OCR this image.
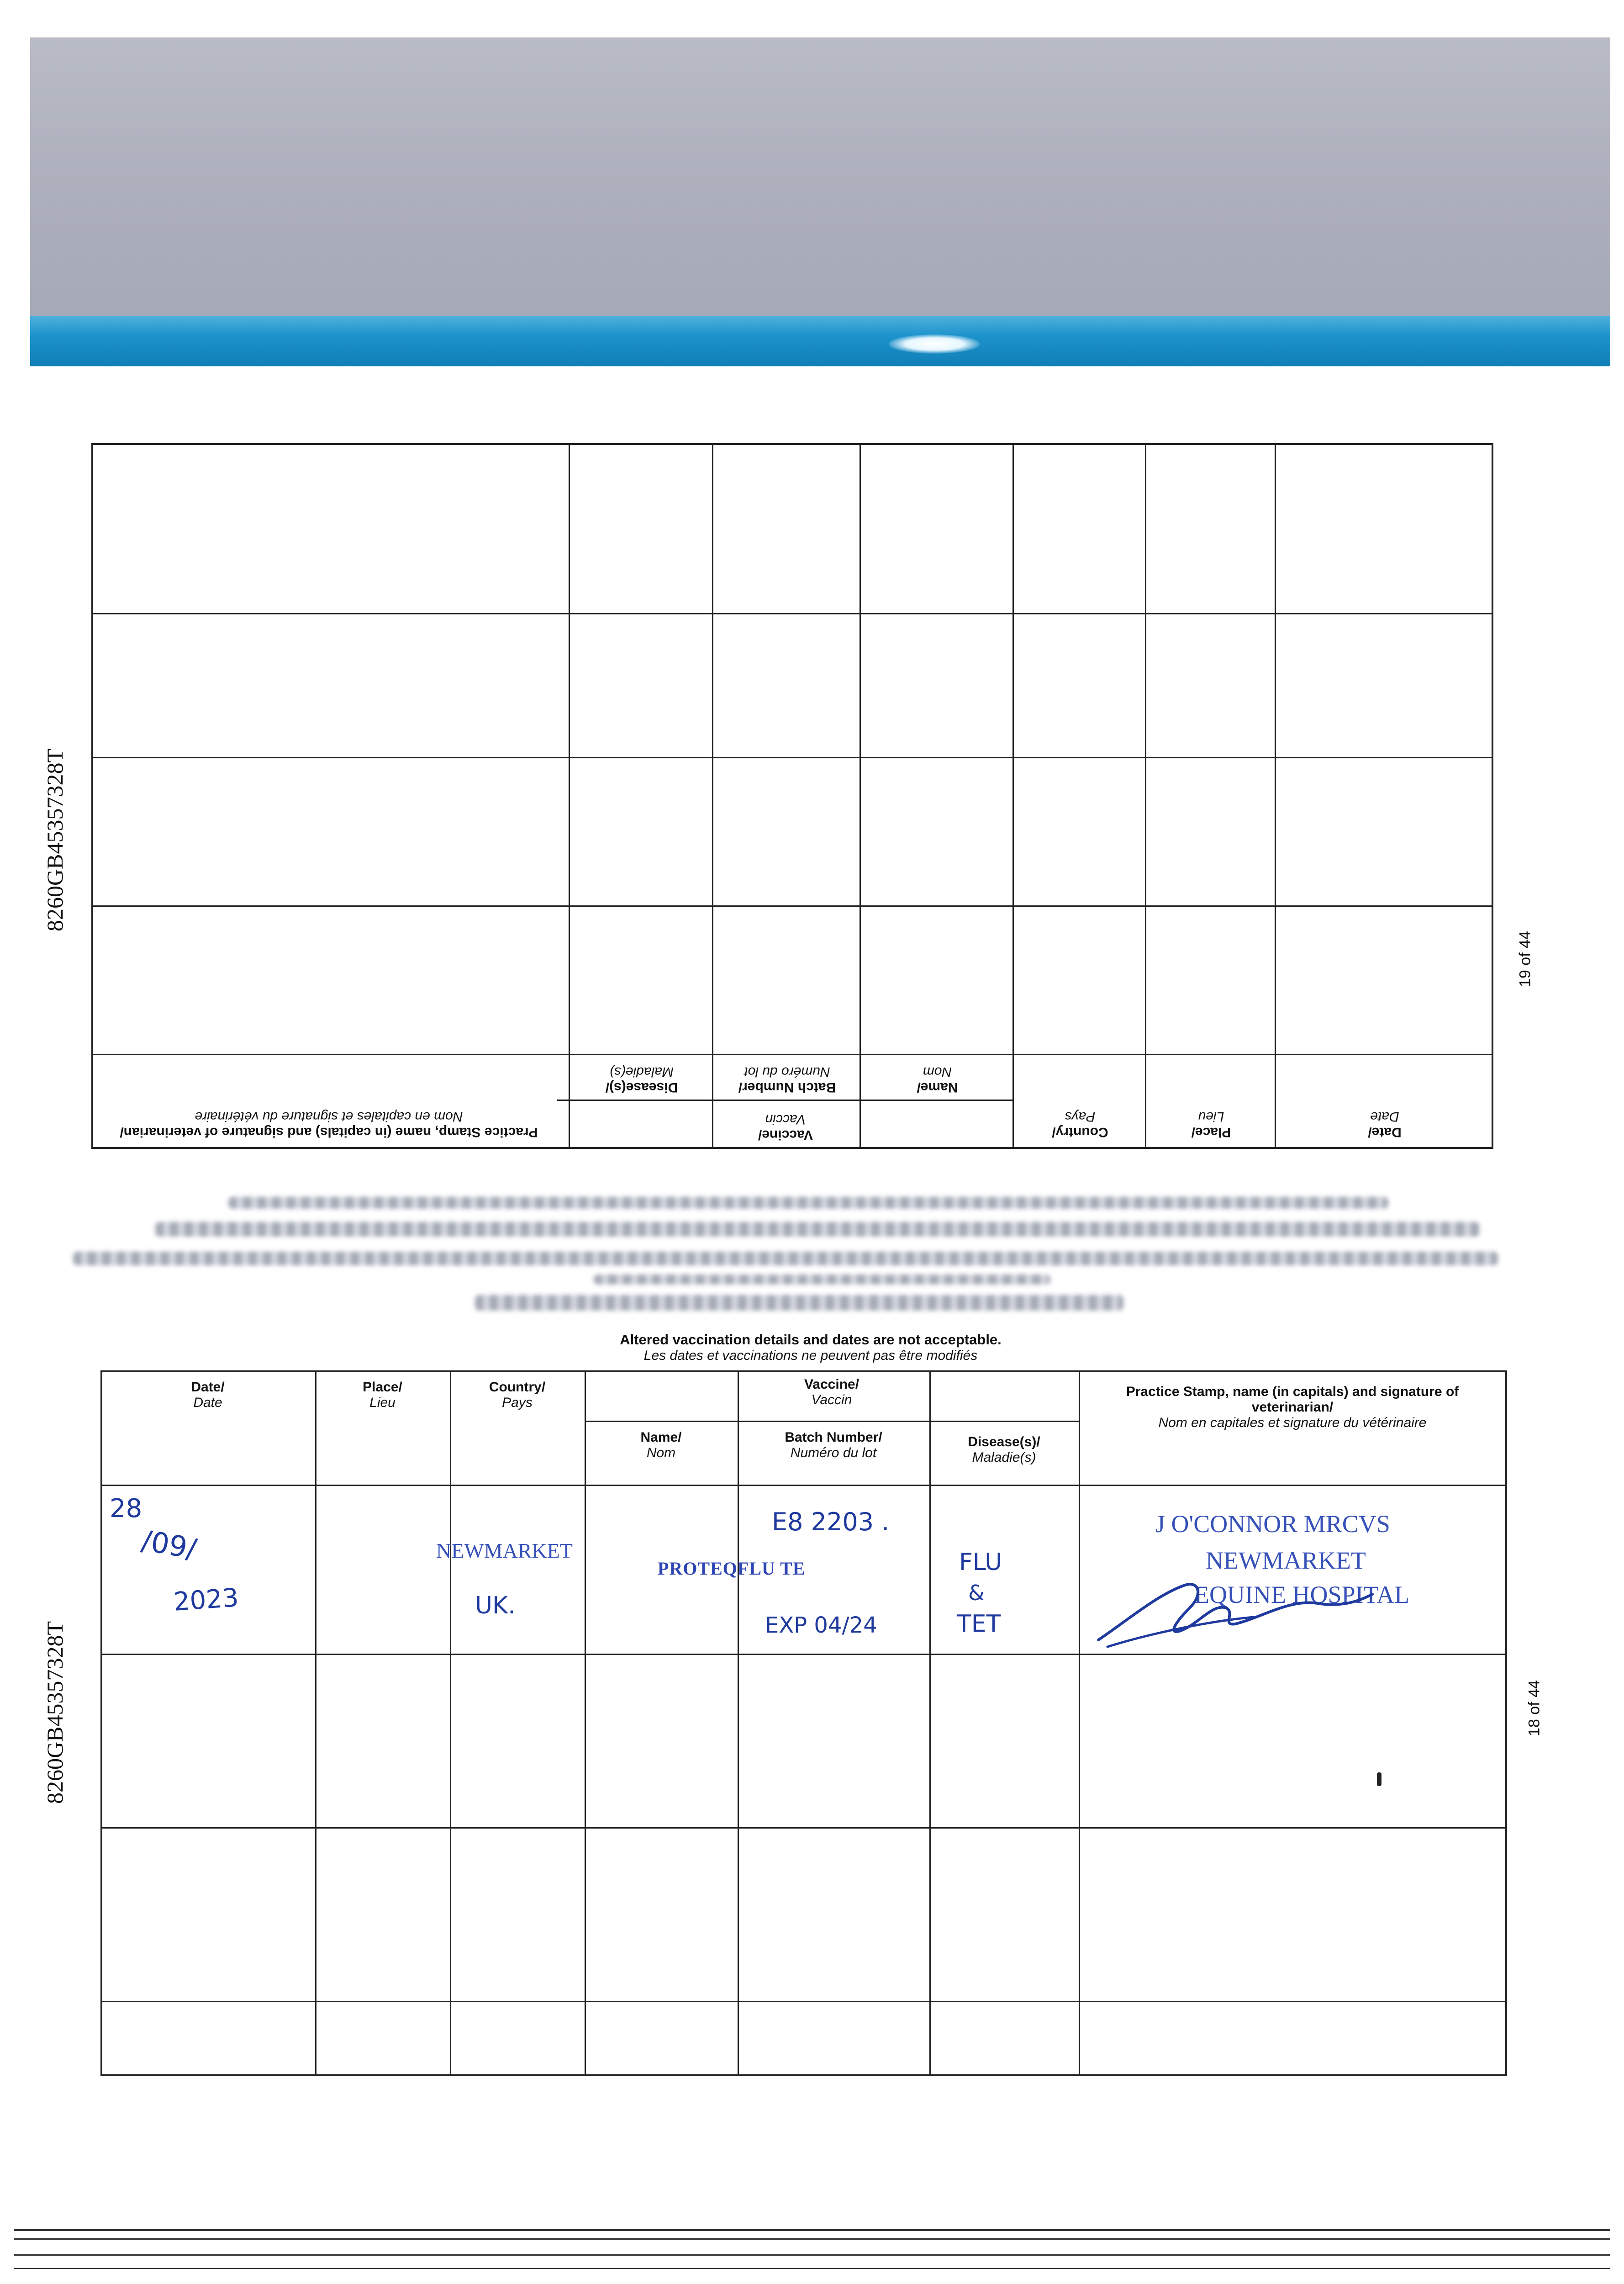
Date/
Date
Place/
Lieu
Country/
Pays
Vaccine/
Vaccin
Name/
Nom
Batch Number/
Numéro du lot
Disease(s)/
Maladie(s)
Practice Stamp, name (in capitals) and signature of veterinarian/
Nom en capitales et signature du vétérinaire
8260GB45357328T
19 of 44
8260GB45357328T	18 of 44
Altered vaccination details and dates are not acceptable.
Les dates et vaccinations ne peuvent pas être modifiés
Date/
Date
Place/
Lieu
Country/
Pays
Vaccine/
Vaccin
Name/
Nom
Batch Number/
Numéro du lot
Disease(s)/
Maladie(s)
Practice Stamp, name (in capitals) and signature of veterinarian/
Nom en capitales et signature du vétérinaire
28
/09/
2023
NEWMARKET
UK.
PROTEQFLU TE
E8 2203 .
EXP 04/24
FLU
&
TET
J O'CONNOR MRCVS
NEWMARKET
EQUINE HOSPITAL
